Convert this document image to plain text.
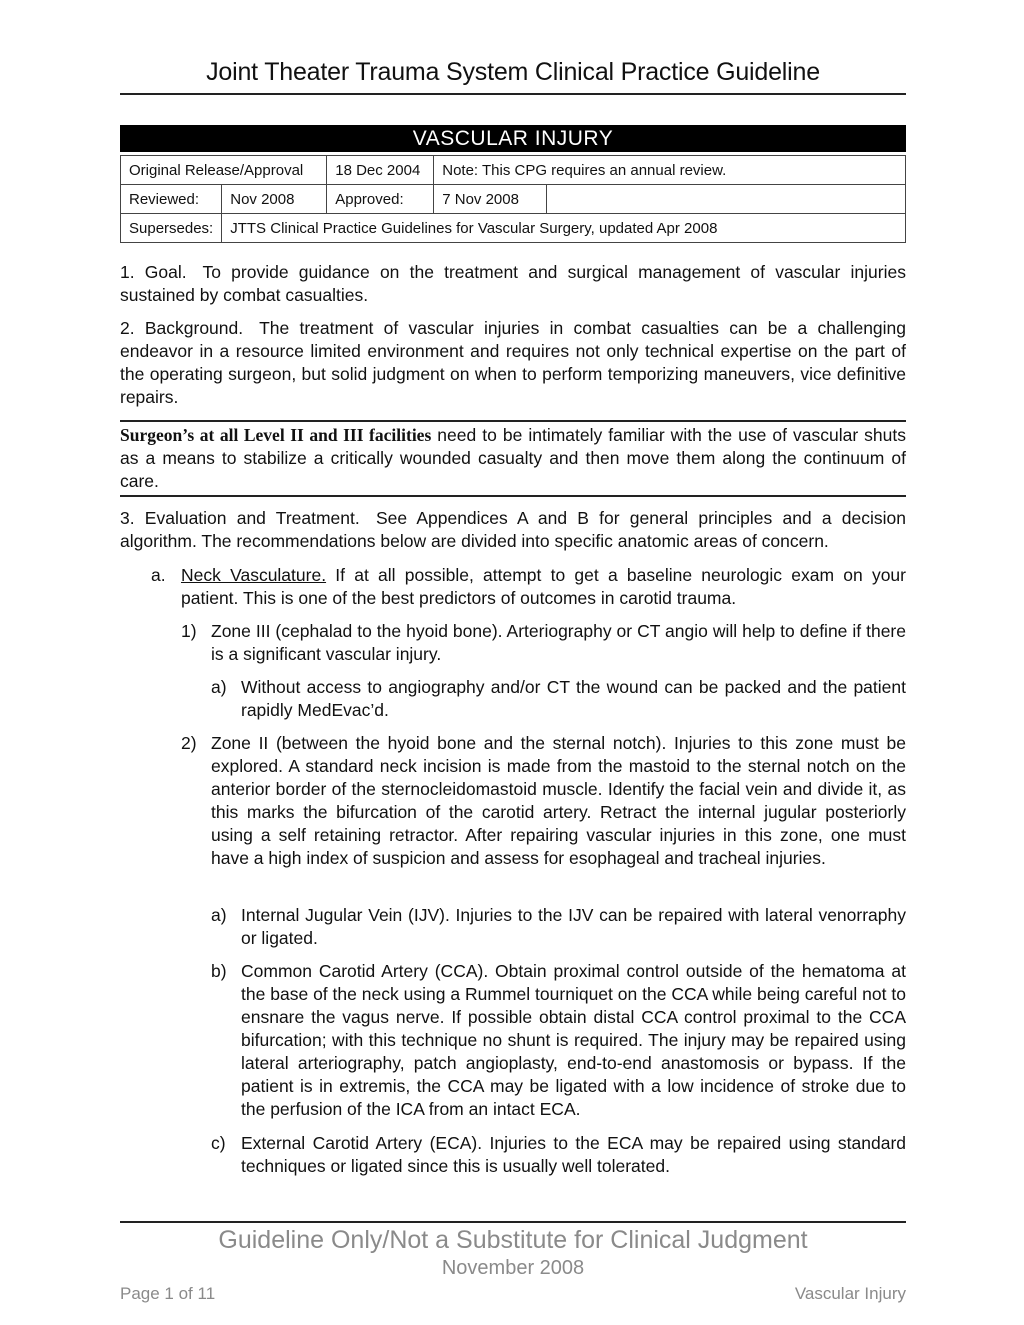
Joint Theater Trauma System Clinical Practice Guideline
VASCULAR INJURY
Original Release/Approval		18 Dec 2004	Note: This CPG requires an annual review.	
Reviewed:	Nov 2008	Approved:	7 Nov 2008	
Supersedes:	JTTS Clinical Practice Guidelines for Vascular Surgery, updated Apr 2008			
1. Goal. To provide guidance on the treatment and surgical management of vascular injuries sustained by combat casualties.
2. Background. The treatment of vascular injuries in combat casualties can be a challenging endeavor in a resource limited environment and requires not only technical expertise on the part of the operating surgeon, but solid judgment on when to perform temporizing maneuvers, vice definitive repairs.
Surgeon’s at all Level II and III facilities need to be intimately familiar with the use of vascular shuts as a means to stabilize a critically wounded casualty and then move them along the continuum of care.
3. Evaluation and Treatment. See Appendices A and B for general principles and a decision algorithm. The recommendations below are divided into specific anatomic areas of concern.
a. Neck Vasculature. If at all possible, attempt to get a baseline neurologic exam on your patient. This is one of the best predictors of outcomes in carotid trauma.
1) Zone III (cephalad to the hyoid bone). Arteriography or CT angio will help to define if there is a significant vascular injury.
a) Without access to angiography and/or CT the wound can be packed and the patient rapidly MedEvac’d.
2) Zone II (between the hyoid bone and the sternal notch). Injuries to this zone must be explored. A standard neck incision is made from the mastoid to the sternal notch on the anterior border of the sternocleidomastoid muscle. Identify the facial vein and divide it, as this marks the bifurcation of the carotid artery. Retract the internal jugular posteriorly using a self retaining retractor. After repairing vascular injuries in this zone, one must have a high index of suspicion and assess for esophageal and tracheal injuries.
a) Internal Jugular Vein (IJV). Injuries to the IJV can be repaired with lateral venorraphy or ligated.
b) Common Carotid Artery (CCA). Obtain proximal control outside of the hematoma at the base of the neck using a Rummel tourniquet on the CCA while being careful not to ensnare the vagus nerve. If possible obtain distal CCA control proximal to the CCA bifurcation; with this technique no shunt is required. The injury may be repaired using lateral arteriography, patch angioplasty, end-to-end anastomosis or bypass. If the patient is in extremis, the CCA may be ligated with a low incidence of stroke due to the perfusion of the ICA from an intact ECA.
c) External Carotid Artery (ECA). Injuries to the ECA may be repaired using standard techniques or ligated since this is usually well tolerated.
Guideline Only/Not a Substitute for Clinical Judgment
November 2008
Page 1 of 11	Vascular Injury
